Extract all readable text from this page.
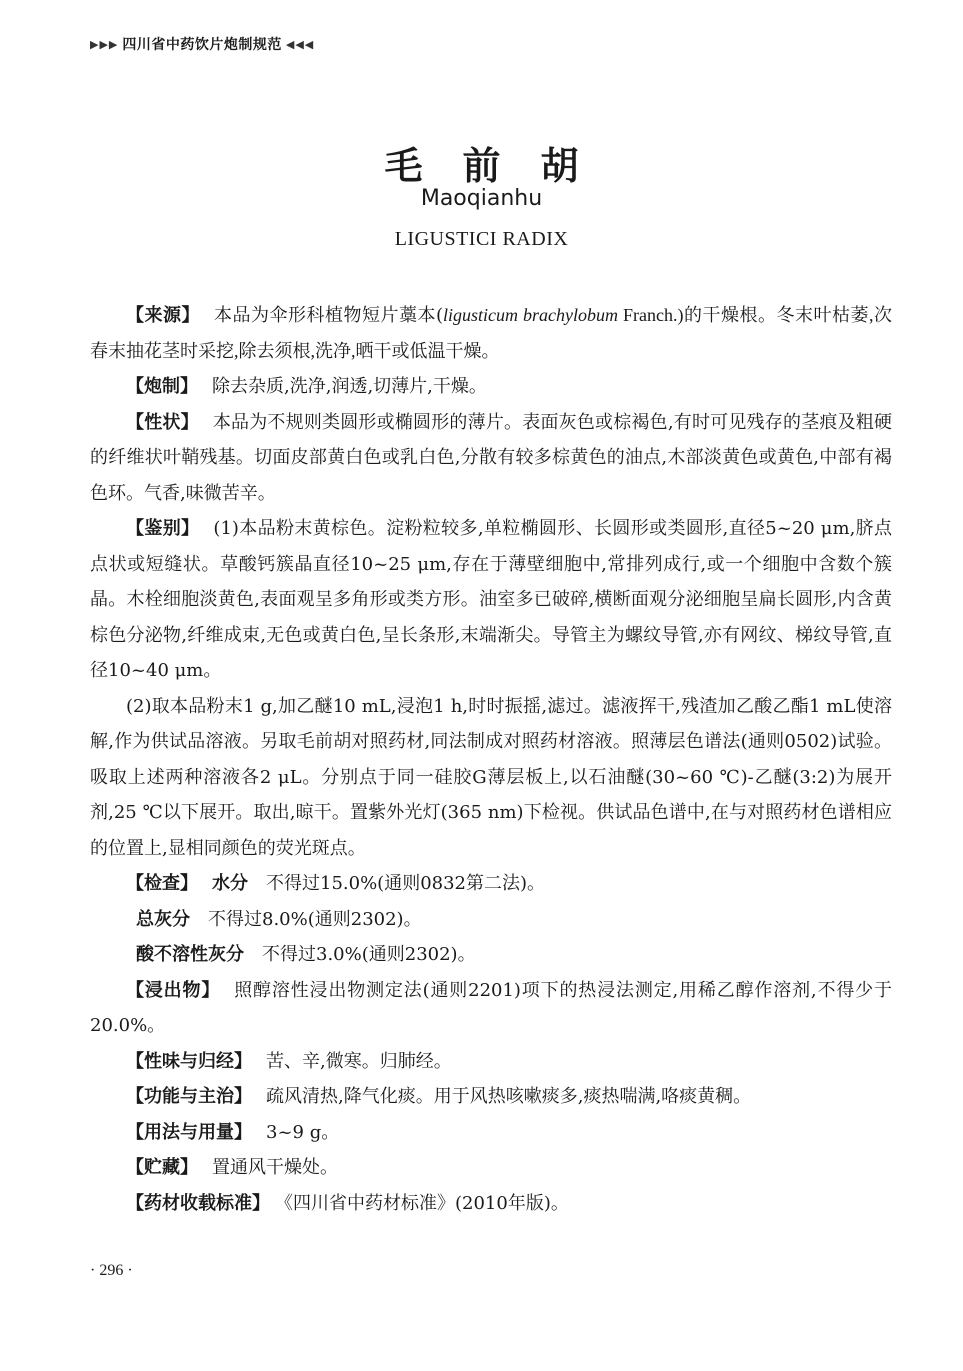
▶▶▶ 四川省中药饮片炮制规范 ◀◀◀
毛前胡
Maoqianhu
LIGUSTICI RADIX

【来源】 本品为伞形科植物短片藁本(ligusticum brachylobum Franch.)的干燥根。冬末叶枯萎,次春末抽花茎时采挖,除去须根,洗净,晒干或低温干燥。

【炮制】 除去杂质,洗净,润透,切薄片,干燥。

【性状】 本品为不规则类圆形或椭圆形的薄片。表面灰色或棕褐色,有时可见残存的茎痕及粗硬的纤维状叶鞘残基。切面皮部黄白色或乳白色,分散有较多棕黄色的油点,木部淡黄色或黄色,中部有褐色环。气香,味微苦辛。

【鉴别】 (1)本品粉末黄棕色。淀粉粒较多,单粒椭圆形、长圆形或类圆形,直径5~20 μm,脐点点状或短缝状。草酸钙簇晶直径10~25 μm,存在于薄壁细胞中,常排列成行,或一个细胞中含数个簇晶。木栓细胞淡黄色,表面观呈多角形或类方形。油室多已破碎,横断面观分泌细胞呈扁长圆形,内含黄棕色分泌物,纤维成束,无色或黄白色,呈长条形,末端渐尖。导管主为螺纹导管,亦有网纹、梯纹导管,直径10~40 μm。

(2)取本品粉末1 g,加乙醚10 mL,浸泡1 h,时时振摇,滤过。滤液挥干,残渣加乙酸乙酯1 mL使溶解,作为供试品溶液。另取毛前胡对照药材,同法制成对照药材溶液。照薄层色谱法(通则0502)试验。吸取上述两种溶液各2 μL。分别点于同一硅胶G薄层板上,以石油醚(30~60 ℃)-乙醚(3:2)为展开剂,25 ℃以下展开。取出,晾干。置紫外光灯(365 nm)下检视。供试品色谱中,在与对照药材色谱相应的位置上,显相同颜色的荧光斑点。

【检查】 水分 不得过15.0%(通则0832第二法)。

总灰分 不得过8.0%(通则2302)。

酸不溶性灰分 不得过3.0%(通则2302)。

【浸出物】 照醇溶性浸出物测定法(通则2201)项下的热浸法测定,用稀乙醇作溶剂,不得少于20.0%。

【性味与归经】 苦、辛,微寒。归肺经。

【功能与主治】 疏风清热,降气化痰。用于风热咳嗽痰多,痰热喘满,咯痰黄稠。

【用法与用量】 3~9 g。

【贮藏】 置通风干燥处。

【药材收载标准】 《四川省中药材标准》(2010年版)。

· 296 ·
